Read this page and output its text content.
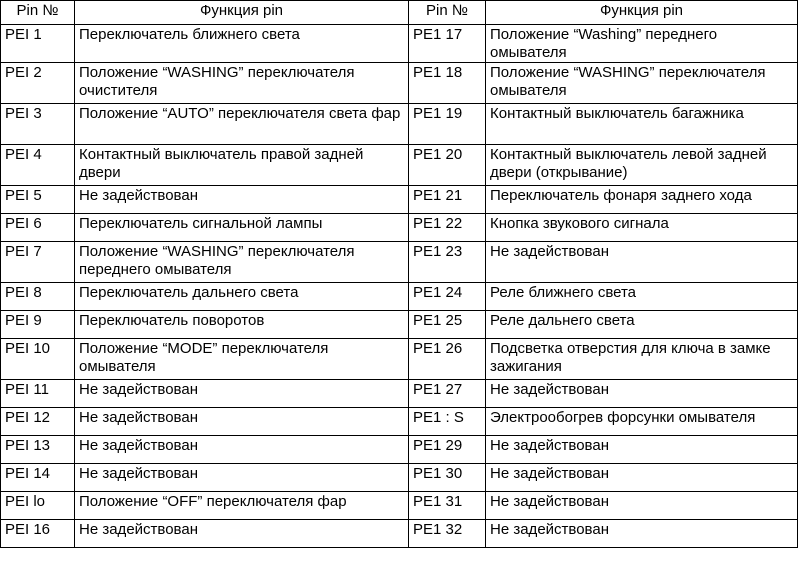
Pin №	Функция pin	Pin №	Функция pin
PEI 1	Переключатель ближнего света	PE1 17	Положение “Washing” переднего омывателя
PEI 2	Положение “WASHING” переключателя очистителя	PE1 18	Положение “WASHING” переключателя омывателя
PEI 3	Положение “AUTO” переключателя света фар	PE1 19	Контактный выключатель багажника
PEI 4	Контактный выключатель правой задней двери	PE1 20	Контактный выключатель левой задней двери (открывание)
PEI 5	Не задействован	PE1 21	Переключатель фонаря заднего хода
PEI 6	Переключатель сигнальной лампы	PE1 22	Кнопка звукового сигнала
PEI 7	Положение “WASHING” переключателя переднего омывателя	PE1 23	Не задействован
PEI 8	Переключатель дальнего света	PE1 24	Реле ближнего света
PEI 9	Переключатель поворотов	PE1 25	Реле дальнего света
PEI 10	Положение “MODE” переключателя омывателя	PE1 26	Подсветка отверстия для ключа в замке зажигания
PEI 11	Не задействован	PE1 27	Не задействован
PEI 12	Не задействован	PE1 : S	Электрообогрев форсунки омывателя
PEI 13	Не задействован	PE1 29	Не задействован
PEI 14	Не задействован	PE1 30	Не задействован
PEI lo	Положение “OFF” переключателя фар	PE1 31	Не задействован
PEI 16	Не задействован	PE1 32	Не задействован
